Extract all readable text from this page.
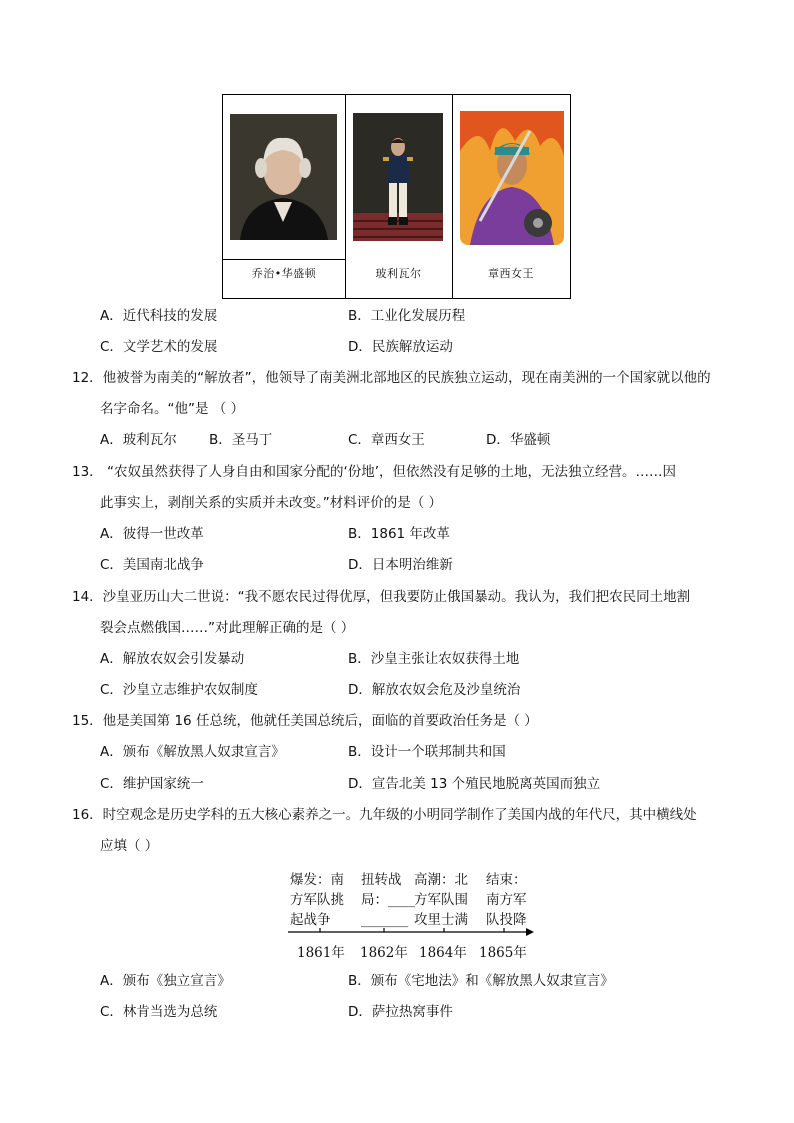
乔治•华盛顿	玻利瓦尔	章西女王
A．近代科技的发展	B．工业化发展历程
C．文学艺术的发展	D．民族解放运动
12．他被誉为南美的“解放者”，他领导了南美洲北部地区的民族独立运动，现在南美洲的一个国家就以他的
名字命名。“他”是 （ ）
A．玻利瓦尔 B．圣马丁	C．章西女王	D．华盛顿
13． “农奴虽然获得了人身自由和国家分配的‘份地’，但依然没有足够的土地，无法独立经营。……因
此事实上，剥削关系的实质并未改变。”材料评价的是（ ）
A．彼得一世改革	B．1861 年改革
C．美国南北战争	D．日本明治维新
14．沙皇亚历山大二世说：“我不愿农民过得优厚，但我要防止俄国暴动。我认为，我们把农民同土地割
裂会点燃俄国……”对此理解正确的是（ ）
A．解放农奴会引发暴动	B．沙皇主张让农奴获得土地
C．沙皇立志维护农奴制度	D．解放农奴会危及沙皇统治
15．他是美国第 16 任总统，他就任美国总统后，面临的首要政治任务是（ ）
A．颁布《解放黑人奴隶宣言》	B．设计一个联邦制共和国
C．维护国家统一	D．宣告北美 13 个殖民地脱离英国而独立
16．时空观念是历史学科的五大核心素养之一。九年级的小明同学制作了美国内战的年代尺，其中横线处
应填（ ）
爆发：南
方军队挑
起战争
扭转战
局：____
_______
高潮：北
方军队围
攻里士满
结束：
南方军
队投降
1861年 1862年 1864年 1865年
A．颁布《独立宣言》	B．颁布《宅地法》和《解放黑人奴隶宣言》
C．林肯当选为总统	D．萨拉热窝事件
